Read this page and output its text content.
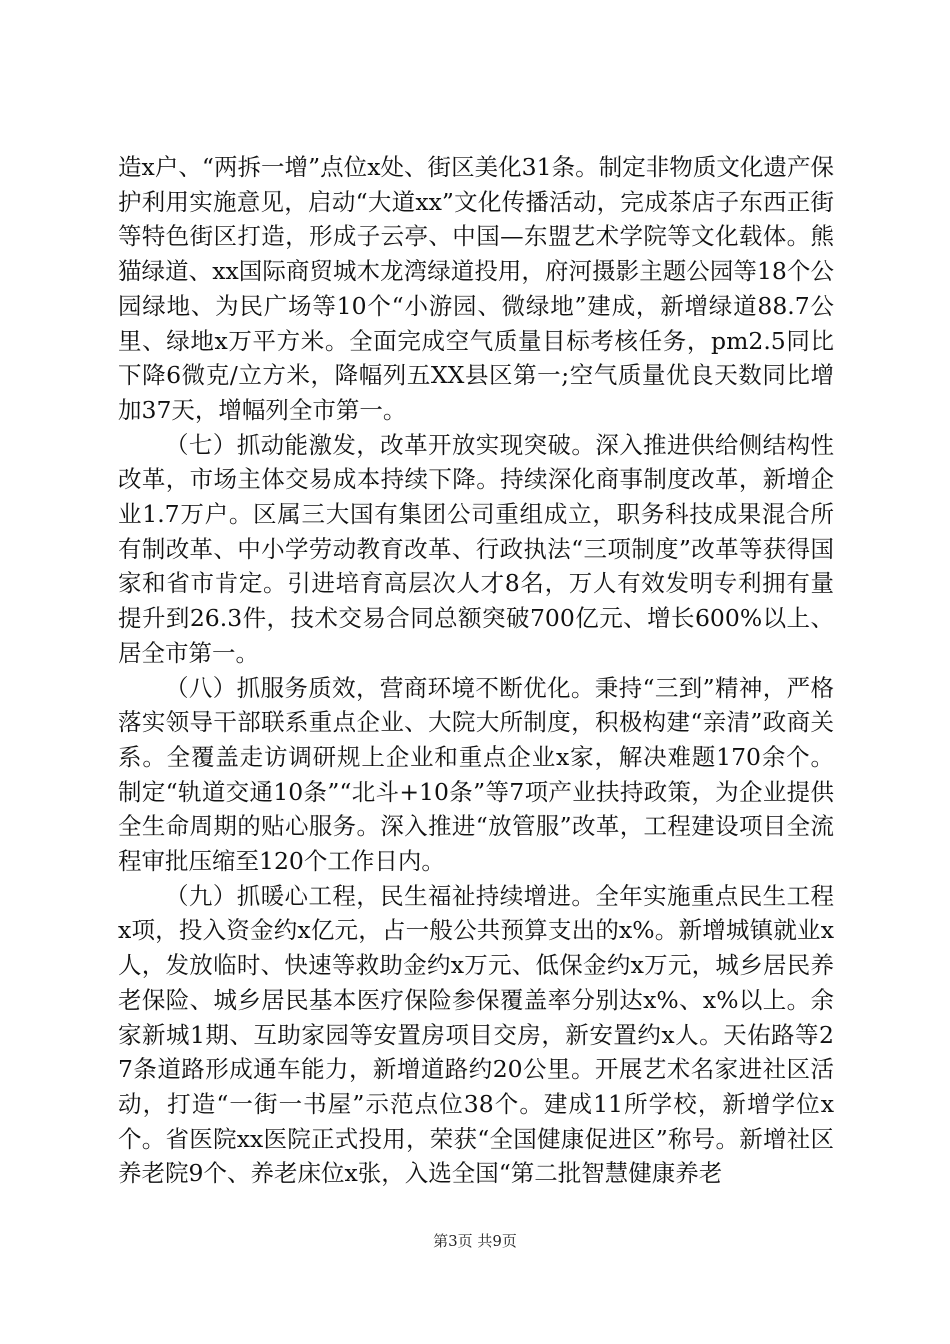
造x户、“两拆一增”点位x处、街区美化31条。制定非物质文化遗产保护利用实施意见，启动“大道xx”文化传播活动，完成茶店子东西正街等特色街区打造，形成子云亭、中国—东盟艺术学院等文化载体。熊猫绿道、xx国际商贸城木龙湾绿道投用，府河摄影主题公园等18个公园绿地、为民广场等10个“小游园、微绿地”建成，新增绿道88.7公里、绿地x万平方米。全面完成空气质量目标考核任务，pm2.5同比下降6微克/立方米，降幅列五XX县区第一;空气质量优良天数同比增加37天，增幅列全市第一。

（七）抓动能激发，改革开放实现突破。深入推进供给侧结构性改革，市场主体交易成本持续下降。持续深化商事制度改革，新增企业1.7万户。区属三大国有集团公司重组成立，职务科技成果混合所有制改革、中小学劳动教育改革、行政执法“三项制度”改革等获得国家和省市肯定。引进培育高层次人才8名，万人有效发明专利拥有量提升到26.3件，技术交易合同总额突破700亿元、增长600%以上、居全市第一。

（八）抓服务质效，营商环境不断优化。秉持“三到”精神，严格落实领导干部联系重点企业、大院大所制度，积极构建“亲清”政商关系。全覆盖走访调研规上企业和重点企业x家，解决难题170余个。制定“轨道交通10条”“北斗+10条”等7项产业扶持政策，为企业提供全生命周期的贴心服务。深入推进“放管服”改革，工程建设项目全流程审批压缩至120个工作日内。

（九）抓暖心工程，民生福祉持续增进。全年实施重点民生工程x项，投入资金约x亿元，占一般公共预算支出的x%。新增城镇就业x人，发放临时、快速等救助金约x万元、低保金约x万元，城乡居民养老保险、城乡居民基本医疗保险参保覆盖率分别达x%、x%以上。余家新城1期、互助家园等安置房项目交房，新安置约x人。天佑路等27条道路形成通车能力，新增道路约20公里。开展艺术名家进社区活动，打造“一街一书屋”示范点位38个。建成11所学校，新增学位x个。省医院xx医院正式投用，荣获“全国健康促进区”称号。新增社区养老院9个、养老床位x张，入选全国“第二批智慧健康养老

第3页 共9页
